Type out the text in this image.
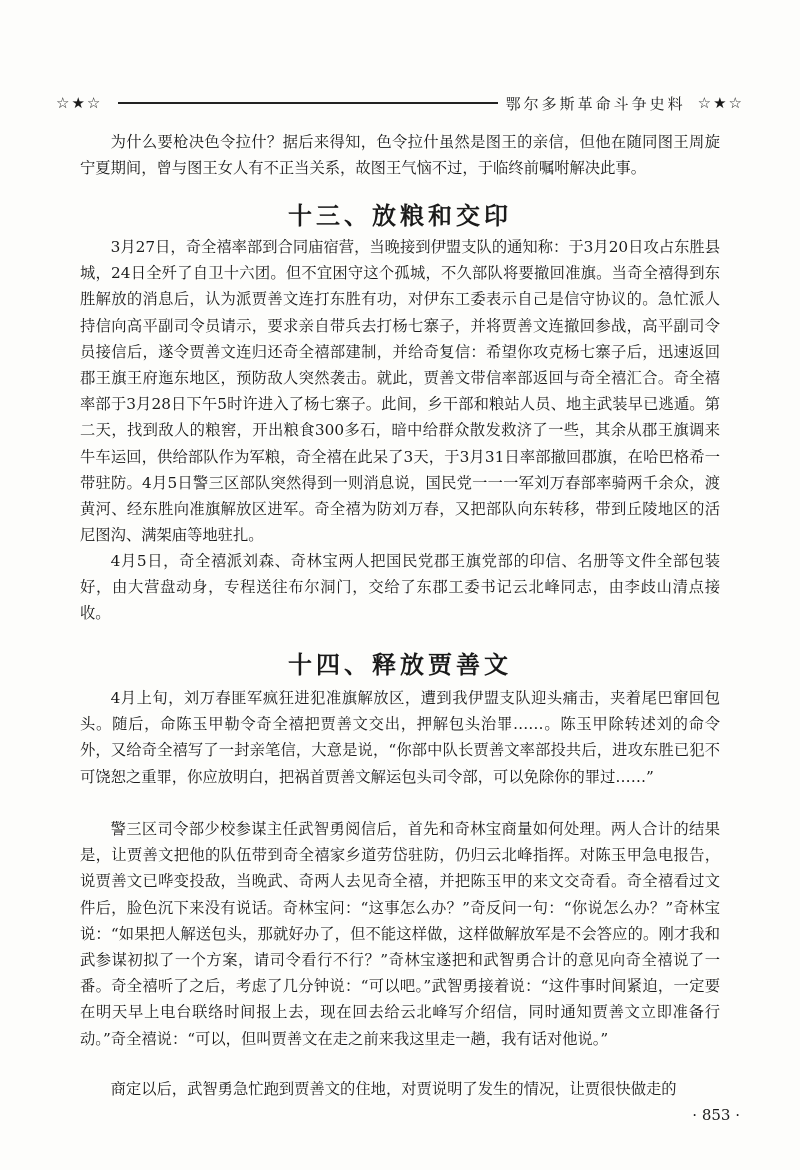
☆★☆	鄂尔多斯革命斗争史料 ☆★☆

为什么要枪决色令拉什？据后来得知，色令拉什虽然是图王的亲信，但他在随同图王周旋宁夏期间，曾与图王女人有不正当关系，故图王气恼不过，于临终前嘱咐解决此事。

十三、放粮和交印

3月27日，奇全禧率部到合同庙宿营，当晚接到伊盟支队的通知称：于3月20日攻占东胜县城，24日全歼了自卫十六团。但不宜困守这个孤城，不久部队将要撤回准旗。当奇全禧得到东胜解放的消息后，认为派贾善文连打东胜有功，对伊东工委表示自己是信守协议的。急忙派人持信向高平副司令员请示，要求亲自带兵去打杨七寨子，并将贾善文连撤回参战，高平副司令员接信后，遂令贾善文连归还奇全禧部建制，并给奇复信：希望你攻克杨七寨子后，迅速返回郡王旗王府迤东地区，预防敌人突然袭击。就此，贾善文带信率部返回与奇全禧汇合。奇全禧率部于3月28日下午5时许进入了杨七寨子。此间，乡干部和粮站人员、地主武装早已逃遁。第二天，找到敌人的粮窖，开出粮食300多石，暗中给群众散发救济了一些，其余从郡王旗调来牛车运回，供给部队作为军粮，奇全禧在此呆了3天，于3月31日率部撤回郡旗，在哈巴格希一带驻防。4月5日警三区部队突然得到一则消息说，国民党一一一军刘万春部率骑两千余众，渡黄河、经东胜向准旗解放区进军。奇全禧为防刘万春，又把部队向东转移，带到丘陵地区的活尼图沟、满架庙等地驻扎。

4月5日，奇全禧派刘森、奇林宝两人把国民党郡王旗党部的印信、名册等文件全部包装好，由大营盘动身，专程送往布尔洞门，交给了东郡工委书记云北峰同志，由李歧山清点接收。

十四、释放贾善文

4月上旬，刘万春匪军疯狂进犯准旗解放区，遭到我伊盟支队迎头痛击，夹着尾巴窜回包头。随后，命陈玉甲勒令奇全禧把贾善文交出，押解包头治罪……。陈玉甲除转述刘的命令外，又给奇全禧写了一封亲笔信，大意是说，“你部中队长贾善文率部投共后，进攻东胜已犯不可饶恕之重罪，你应放明白，把祸首贾善文解运包头司令部，可以免除你的罪过……”

警三区司令部少校参谋主任武智勇阅信后，首先和奇林宝商量如何处理。两人合计的结果是，让贾善文把他的队伍带到奇全禧家乡道劳岱驻防，仍归云北峰指挥。对陈玉甲急电报告，说贾善文已哗变投敌，当晚武、奇两人去见奇全禧，并把陈玉甲的来文交奇看。奇全禧看过文件后，脸色沉下来没有说话。奇林宝问：“这事怎么办？”奇反问一句：“你说怎么办？”奇林宝说：“如果把人解送包头，那就好办了，但不能这样做，这样做解放军是不会答应的。刚才我和武参谋初拟了一个方案，请司令看行不行？”奇林宝遂把和武智勇合计的意见向奇全禧说了一番。奇全禧听了之后，考虑了几分钟说：“可以吧。”武智勇接着说：“这件事时间紧迫，一定要在明天早上电台联络时间报上去，现在回去给云北峰写介绍信，同时通知贾善文立即准备行动。”奇全禧说：“可以，但叫贾善文在走之前来我这里走一趟，我有话对他说。”

商定以后，武智勇急忙跑到贾善文的住地，对贾说明了发生的情况，让贾很快做走的

· 853 ·
